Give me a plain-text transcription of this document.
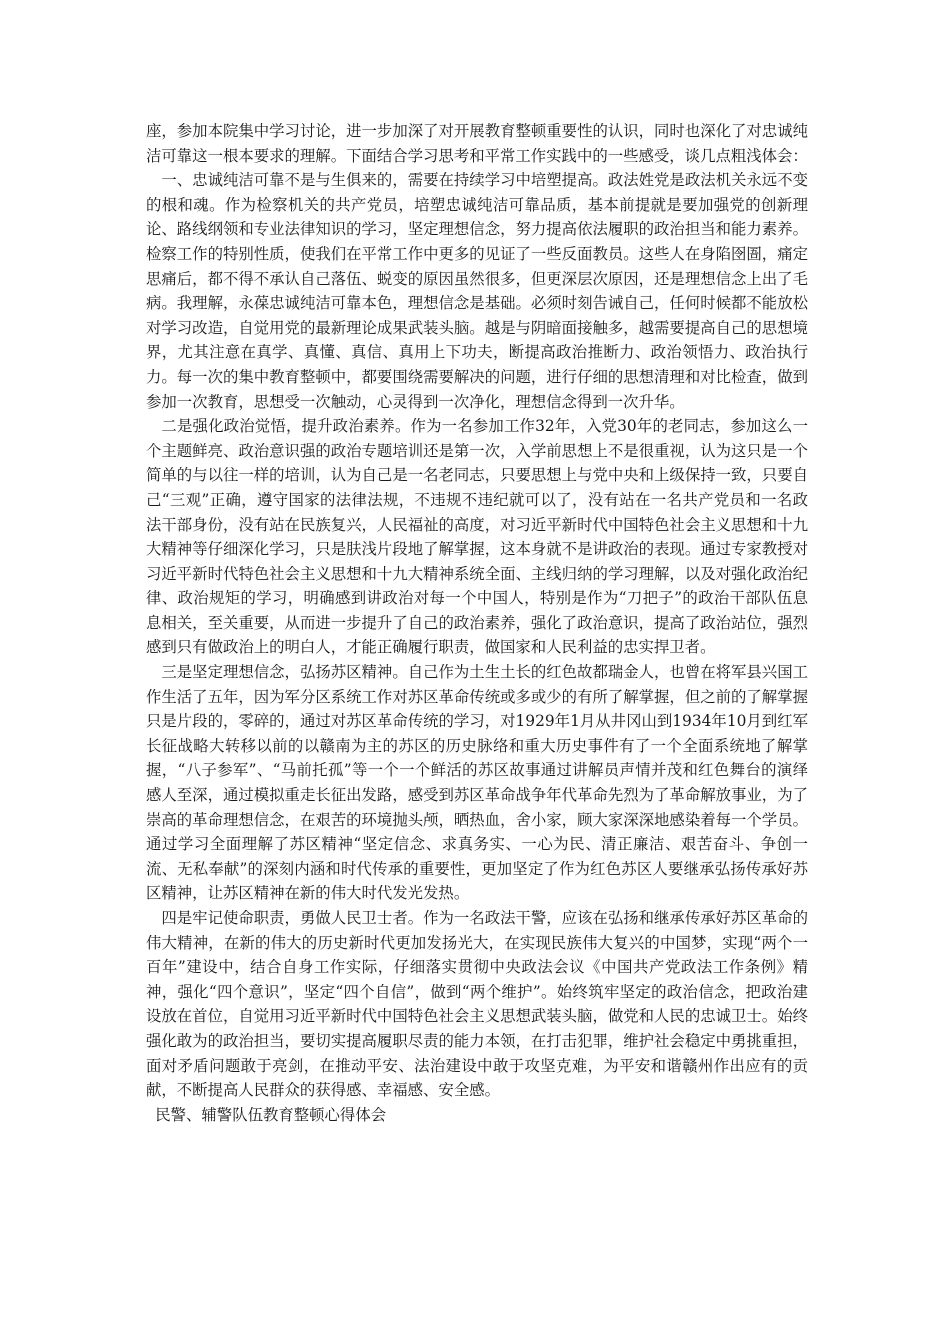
座，参加本院集中学习讨论，进一步加深了对开展教育整顿重要性的认识，同时也深化了对忠诚纯洁可靠这一根本要求的理解。下面结合学习思考和平常工作实践中的一些感受，谈几点粗浅体会：

一、忠诚纯洁可靠不是与生俱来的，需要在持续学习中培塑提高。政法姓党是政法机关永远不变的根和魂。作为检察机关的共产党员，培塑忠诚纯洁可靠品质，基本前提就是要加强党的创新理论、路线纲领和专业法律知识的学习，坚定理想信念，努力提高依法履职的政治担当和能力素养。检察工作的特别性质，使我们在平常工作中更多的见证了一些反面教员。这些人在身陷囹圄，痛定思痛后，都不得不承认自己落伍、蜕变的原因虽然很多，但更深层次原因，还是理想信念上出了毛病。我理解，永葆忠诚纯洁可靠本色，理想信念是基础。必须时刻告诫自己，任何时候都不能放松对学习改造，自觉用党的最新理论成果武装头脑。越是与阴暗面接触多，越需要提高自己的思想境界，尤其注意在真学、真懂、真信、真用上下功夫，断提高政治推断力、政治领悟力、政治执行力。每一次的集中教育整顿中，都要围绕需要解决的问题，进行仔细的思想清理和对比检查，做到参加一次教育，思想受一次触动，心灵得到一次净化，理想信念得到一次升华。

二是强化政治觉悟，提升政治素养。作为一名参加工作32年，入党30年的老同志，参加这么一个主题鲜亮、政治意识强的政治专题培训还是第一次，入学前思想上不是很重视，认为这只是一个简单的与以往一样的培训，认为自己是一名老同志，只要思想上与党中央和上级保持一致，只要自己“三观”正确，遵守国家的法律法规，不违规不违纪就可以了，没有站在一名共产党员和一名政法干部身份，没有站在民族复兴，人民福祉的高度，对习近平新时代中国特色社会主义思想和十九大精神等仔细深化学习，只是肤浅片段地了解掌握，这本身就不是讲政治的表现。通过专家教授对习近平新时代特色社会主义思想和十九大精神系统全面、主线归纳的学习理解，以及对强化政治纪律、政治规矩的学习，明确感到讲政治对每一个中国人，特别是作为“刀把子”的政治干部队伍息息相关，至关重要，从而进一步提升了自己的政治素养，强化了政治意识，提高了政治站位，强烈感到只有做政治上的明白人，才能正确履行职责，做国家和人民利益的忠实捍卫者。

三是坚定理想信念，弘扬苏区精神。自己作为土生土长的红色故都瑞金人，也曾在将军县兴国工作生活了五年，因为军分区系统工作对苏区革命传统或多或少的有所了解掌握，但之前的了解掌握只是片段的，零碎的，通过对苏区革命传统的学习，对1929年1月从井冈山到1934年10月到红军长征战略大转移以前的以赣南为主的苏区的历史脉络和重大历史事件有了一个全面系统地了解掌握，“八子参军”、“马前托孤”等一个一个鲜活的苏区故事通过讲解员声情并茂和红色舞台的演绎感人至深，通过模拟重走长征出发路，感受到苏区革命战争年代革命先烈为了革命解放事业，为了崇高的革命理想信念，在艰苦的环境抛头颅，晒热血，舍小家，顾大家深深地感染着每一个学员。通过学习全面理解了苏区精神“坚定信念、求真务实、一心为民、清正廉洁、艰苦奋斗、争创一流、无私奉献”的深刻内涵和时代传承的重要性，更加坚定了作为红色苏区人要继承弘扬传承好苏区精神，让苏区精神在新的伟大时代发光发热。

四是牢记使命职责，勇做人民卫士者。作为一名政法干警，应该在弘扬和继承传承好苏区革命的伟大精神，在新的伟大的历史新时代更加发扬光大，在实现民族伟大复兴的中国梦，实现“两个一百年”建设中，结合自身工作实际，仔细落实贯彻中央政法会议《中国共产党政法工作条例》精神，强化“四个意识”，坚定“四个自信”，做到“两个维护”。始终筑牢坚定的政治信念，把政治建设放在首位，自觉用习近平新时代中国特色社会主义思想武装头脑，做党和人民的忠诚卫士。始终强化敢为的政治担当，要切实提高履职尽责的能力本领，在打击犯罪，维护社会稳定中勇挑重担，面对矛盾问题敢于亮剑，在推动平安、法治建设中敢于攻坚克难，为平安和谐赣州作出应有的贡献，不断提高人民群众的获得感、幸福感、安全感。

民警、辅警队伍教育整顿心得体会
